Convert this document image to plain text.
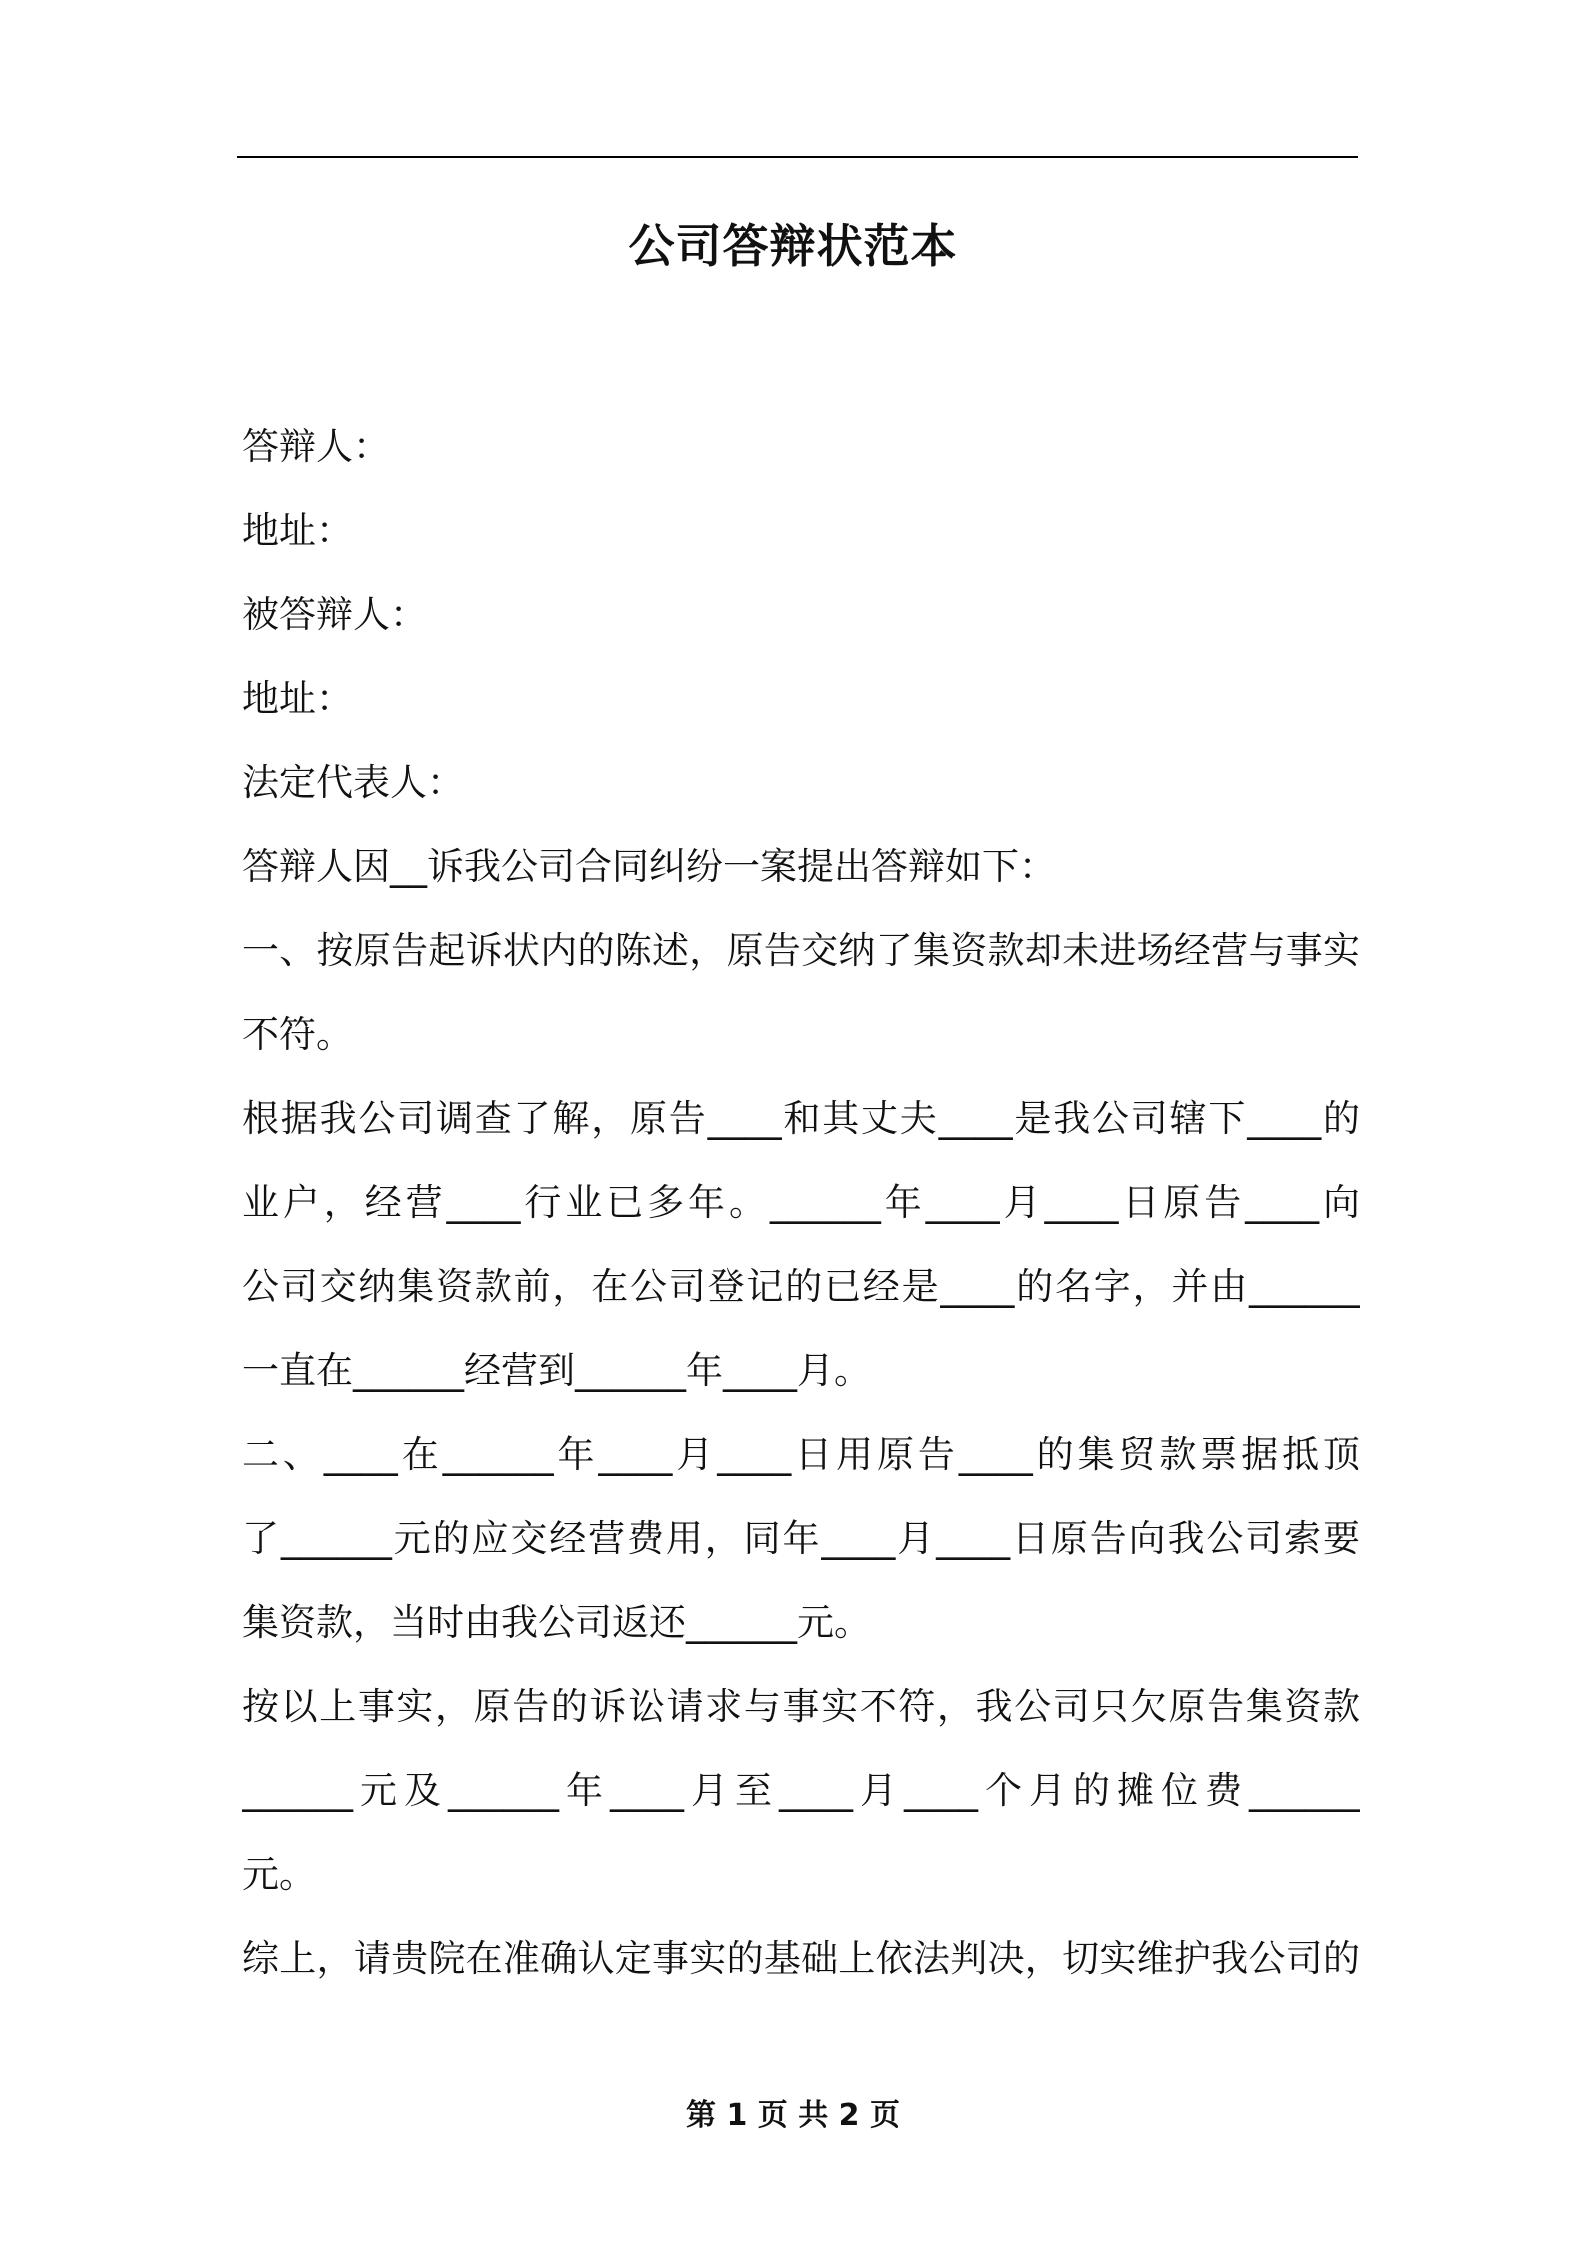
公司答辩状范本
答辩人：
地址：
被答辩人：
地址：
法定代表人：
答辩人因__诉我公司合同纠纷一案提出答辩如下：
一、按原告起诉状内的陈述，原告交纳了集资款却未进场经营与事实
不符。
根据我公司调查了解，原告____和其丈夫____是我公司辖下____的
业户，经营____行业已多年。______年____月____日原告____向
公司交纳集资款前，在公司登记的已经是____的名字，并由______
一直在______经营到______年____月。
二、____在______年____月____日用原告____的集贸款票据抵顶
了______元的应交经营费用，同年____月____日原告向我公司索要
集资款，当时由我公司返还______元。
按以上事实，原告的诉讼请求与事实不符，我公司只欠原告集资款
______元及______年____月至____月____个月的摊位费______
元。
综上，请贵院在准确认定事实的基础上依法判决，切实维护我公司的
第 1 页 共 2 页
